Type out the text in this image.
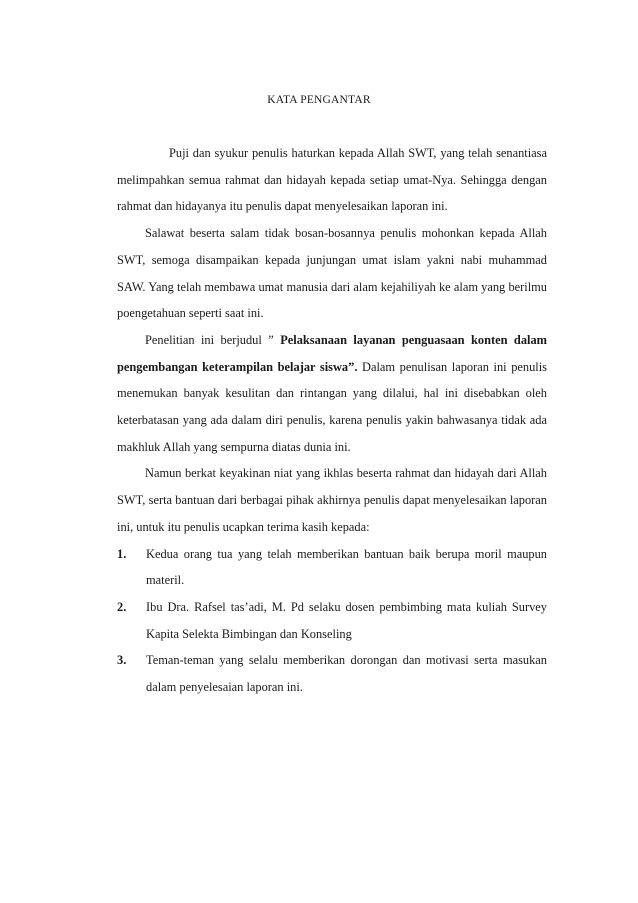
KATA PENGANTAR

Puji dan syukur penulis haturkan kepada Allah SWT, yang telah senantiasa melimpahkan semua rahmat dan hidayah kepada setiap umat-Nya. Sehingga dengan rahmat dan hidayanya itu penulis dapat menyelesaikan laporan ini.

Salawat beserta salam tidak bosan-bosannya penulis mohonkan kepada Allah SWT, semoga disampaikan kepada junjungan umat islam yakni nabi muhammad SAW. Yang telah membawa umat manusia dari alam kejahiliyah ke alam yang berilmu poengetahuan seperti saat ini.

Penelitian ini berjudul ” Pelaksanaan layanan penguasaan konten dalam pengembangan keterampilan belajar siswa”. Dalam penulisan laporan ini penulis menemukan banyak kesulitan dan rintangan yang dilalui, hal ini disebabkan oleh keterbatasan yang ada dalam diri penulis, karena penulis yakin bahwasanya tidak ada makhluk Allah yang sempurna diatas dunia ini.

Namun berkat keyakinan niat yang ikhlas beserta rahmat dan hidayah dari Allah SWT, serta bantuan dari berbagai pihak akhirnya penulis dapat menyelesaikan laporan ini, untuk itu penulis ucapkan terima kasih kepada:

1. Kedua orang tua yang telah memberikan bantuan baik berupa moril maupun materil.
2. Ibu Dra. Rafsel tas’adi, M. Pd selaku dosen pembimbing mata kuliah Survey Kapita Selekta Bimbingan dan Konseling
3. Teman-teman yang selalu memberikan dorongan dan motivasi serta masukan dalam penyelesaian laporan ini.
